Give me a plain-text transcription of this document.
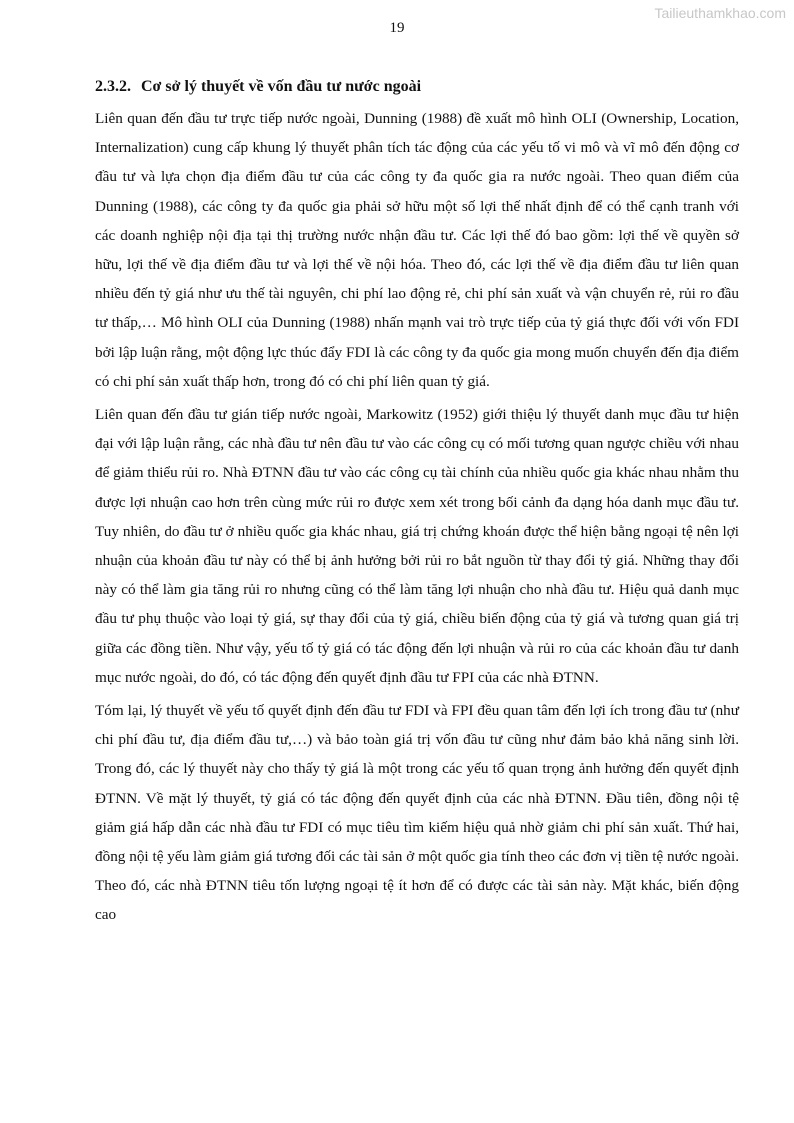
19
Tailieuthamkhao.com
2.3.2. Cơ sở lý thuyết về vốn đầu tư nước ngoài

Liên quan đến đầu tư trực tiếp nước ngoài, Dunning (1988) đề xuất mô hình OLI (Ownership, Location, Internalization) cung cấp khung lý thuyết phân tích tác động của các yếu tố vi mô và vĩ mô đến động cơ đầu tư và lựa chọn địa điểm đầu tư của các công ty đa quốc gia ra nước ngoài. Theo quan điểm của Dunning (1988), các công ty đa quốc gia phải sở hữu một số lợi thế nhất định để có thể cạnh tranh với các doanh nghiệp nội địa tại thị trường nước nhận đầu tư. Các lợi thế đó bao gồm: lợi thế về quyền sở hữu, lợi thế về địa điểm đầu tư và lợi thế về nội hóa. Theo đó, các lợi thế về địa điểm đầu tư liên quan nhiều đến tỷ giá như ưu thế tài nguyên, chi phí lao động rẻ, chi phí sản xuất và vận chuyển rẻ, rủi ro đầu tư thấp,… Mô hình OLI của Dunning (1988) nhấn mạnh vai trò trực tiếp của tỷ giá thực đối với vốn FDI bởi lập luận rằng, một động lực thúc đẩy FDI là các công ty đa quốc gia mong muốn chuyển đến địa điểm có chi phí sản xuất thấp hơn, trong đó có chi phí liên quan tỷ giá.

Liên quan đến đầu tư gián tiếp nước ngoài, Markowitz (1952) giới thiệu lý thuyết danh mục đầu tư hiện đại với lập luận rằng, các nhà đầu tư nên đầu tư vào các công cụ có mối tương quan ngược chiều với nhau để giảm thiểu rủi ro. Nhà ĐTNN đầu tư vào các công cụ tài chính của nhiều quốc gia khác nhau nhằm thu được lợi nhuận cao hơn trên cùng mức rủi ro được xem xét trong bối cảnh đa dạng hóa danh mục đầu tư. Tuy nhiên, do đầu tư ở nhiều quốc gia khác nhau, giá trị chứng khoán được thể hiện bằng ngoại tệ nên lợi nhuận của khoản đầu tư này có thể bị ảnh hưởng bởi rủi ro bắt nguồn từ thay đổi tỷ giá. Những thay đổi này có thể làm gia tăng rủi ro nhưng cũng có thể làm tăng lợi nhuận cho nhà đầu tư. Hiệu quả danh mục đầu tư phụ thuộc vào loại tỷ giá, sự thay đổi của tỷ giá, chiều biến động của tỷ giá và tương quan giá trị giữa các đồng tiền. Như vậy, yếu tố tỷ giá có tác động đến lợi nhuận và rủi ro của các khoản đầu tư danh mục nước ngoài, do đó, có tác động đến quyết định đầu tư FPI của các nhà ĐTNN.

Tóm lại, lý thuyết về yếu tố quyết định đến đầu tư FDI và FPI đều quan tâm đến lợi ích trong đầu tư (như chi phí đầu tư, địa điểm đầu tư,…) và bảo toàn giá trị vốn đầu tư cũng như đảm bảo khả năng sinh lời. Trong đó, các lý thuyết này cho thấy tỷ giá là một trong các yếu tố quan trọng ảnh hưởng đến quyết định ĐTNN. Về mặt lý thuyết, tỷ giá có tác động đến quyết định của các nhà ĐTNN. Đầu tiên, đồng nội tệ giảm giá hấp dẫn các nhà đầu tư FDI có mục tiêu tìm kiếm hiệu quả nhờ giảm chi phí sản xuất. Thứ hai, đồng nội tệ yếu làm giảm giá tương đối các tài sản ở một quốc gia tính theo các đơn vị tiền tệ nước ngoài. Theo đó, các nhà ĐTNN tiêu tốn lượng ngoại tệ ít hơn để có được các tài sản này. Mặt khác, biến động cao
